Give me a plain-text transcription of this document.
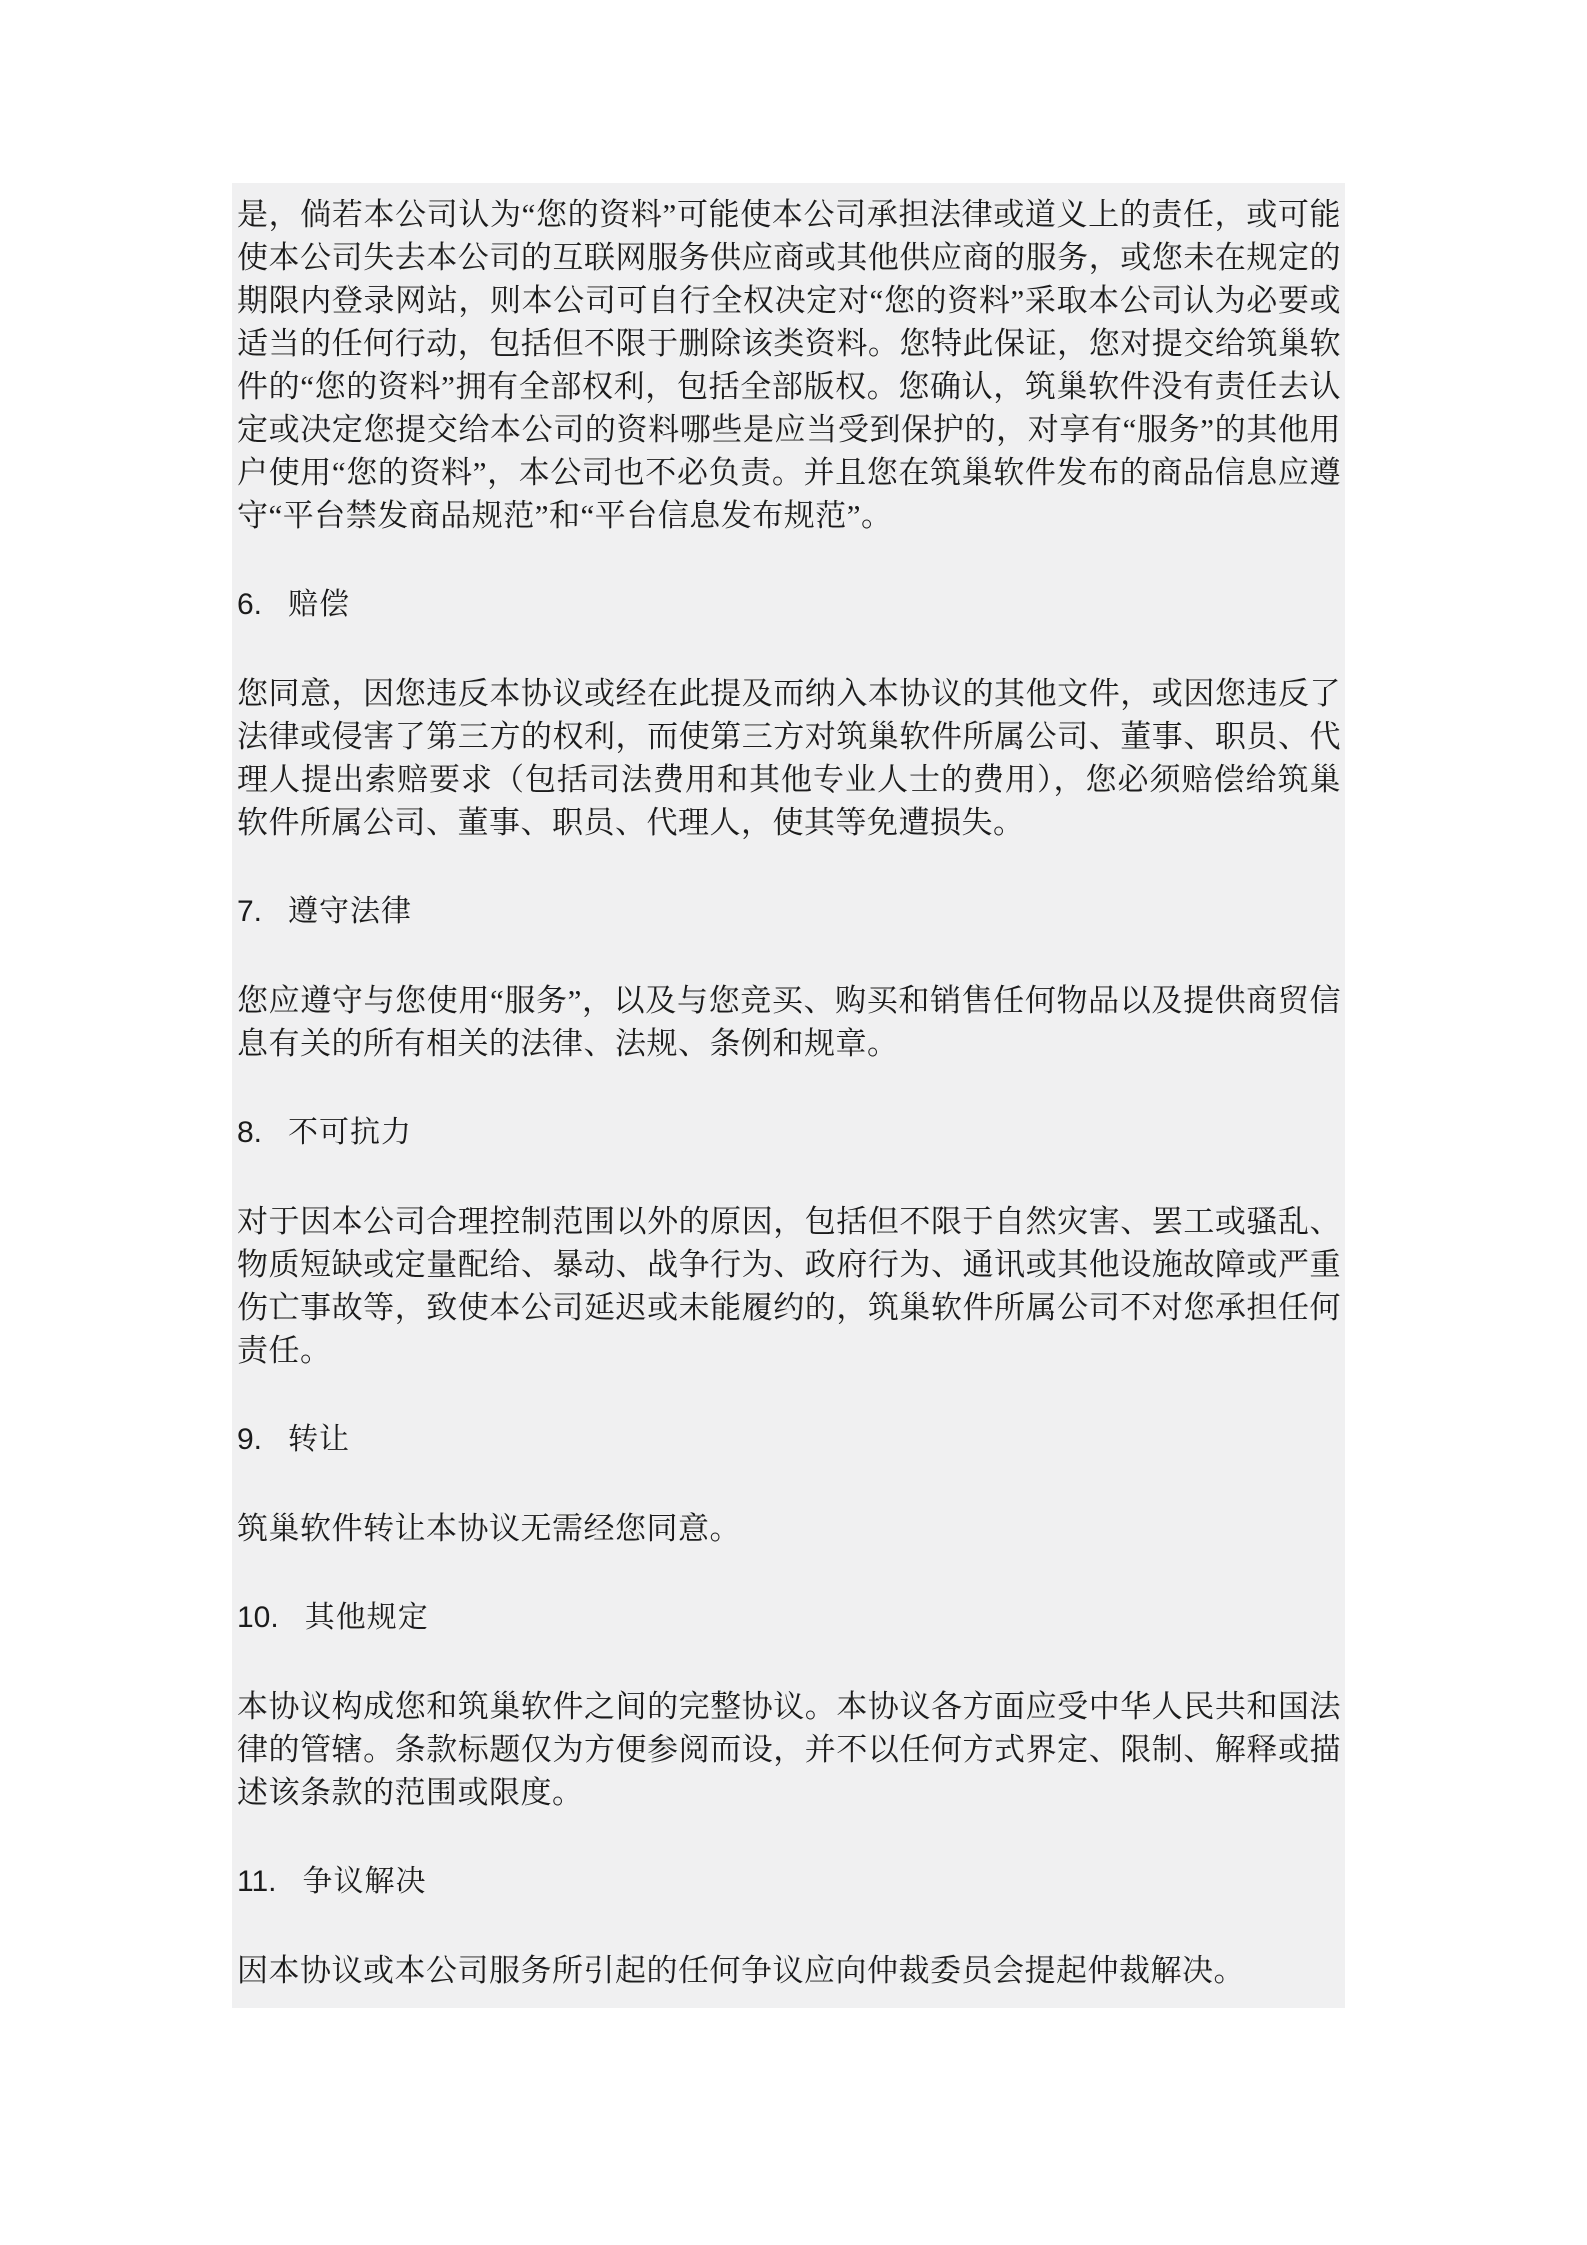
是，倘若本公司认为“您的资料”可能使本公司承担法律或道义上的责任，或可能使本公司失去本公司的互联网服务供应商或其他供应商的服务，或您未在规定的期限内登录网站，则本公司可自行全权决定对“您的资料”采取本公司认为必要或适当的任何行动，包括但不限于删除该类资料。您特此保证，您对提交给筑巢软件的“您的资料”拥有全部权利，包括全部版权。您确认，筑巢软件没有责任去认定或决定您提交给本公司的资料哪些是应当受到保护的，对享有“服务”的其他用户使用“您的资料”，本公司也不必负责。并且您在筑巢软件发布的商品信息应遵守“平台禁发商品规范”和“平台信息发布规范”。

6. 赔偿

您同意，因您违反本协议或经在此提及而纳入本协议的其他文件，或因您违反了法律或侵害了第三方的权利，而使第三方对筑巢软件所属公司、董事、职员、代理人提出索赔要求（包括司法费用和其他专业人士的费用），您必须赔偿给筑巢软件所属公司、董事、职员、代理人，使其等免遭损失。

7. 遵守法律

您应遵守与您使用“服务”，以及与您竞买、购买和销售任何物品以及提供商贸信息有关的所有相关的法律、法规、条例和规章。

8. 不可抗力

对于因本公司合理控制范围以外的原因，包括但不限于自然灾害、罢工或骚乱、物质短缺或定量配给、暴动、战争行为、政府行为、通讯或其他设施故障或严重伤亡事故等，致使本公司延迟或未能履约的，筑巢软件所属公司不对您承担任何责任。

9. 转让

筑巢软件转让本协议无需经您同意。

10. 其他规定

本协议构成您和筑巢软件之间的完整协议。本协议各方面应受中华人民共和国法律的管辖。条款标题仅为方便参阅而设，并不以任何方式界定、限制、解释或描述该条款的范围或限度。

11. 争议解决

因本协议或本公司服务所引起的任何争议应向仲裁委员会提起仲裁解决。
